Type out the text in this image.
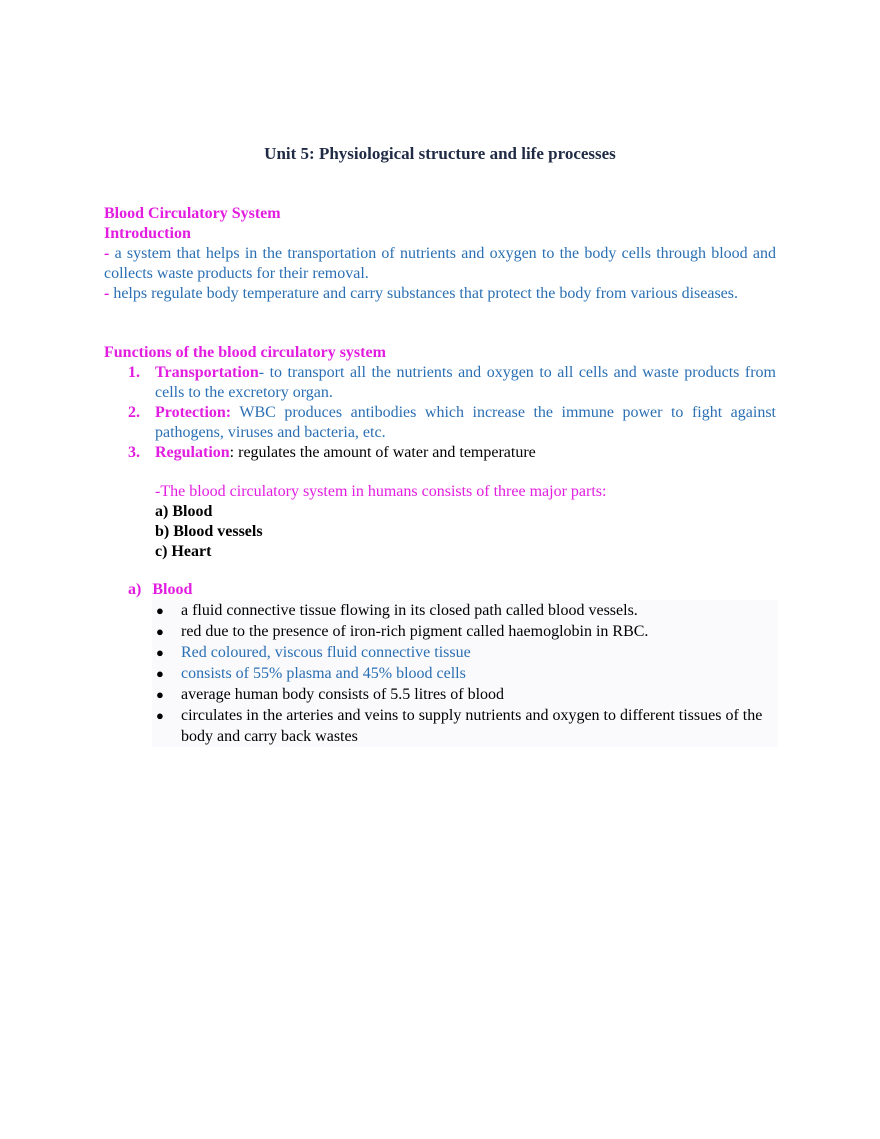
Unit 5: Physiological structure and life processes
Blood Circulatory System
Introduction
- a system that helps in the transportation of nutrients and oxygen to the body cells through blood and collects waste products for their removal.
- helps regulate body temperature and carry substances that protect the body from various diseases.
Functions of the blood circulatory system
1. Transportation- to transport all the nutrients and oxygen to all cells and waste products from cells to the excretory organ.
2. Protection: WBC produces antibodies which increase the immune power to fight against pathogens, viruses and bacteria, etc.
3. Regulation: regulates the amount of water and temperature
-The blood circulatory system in humans consists of three major parts:
a) Blood
b) Blood vessels
c) Heart
a) Blood
● a fluid connective tissue flowing in its closed path called blood vessels.
● red due to the presence of iron-rich pigment called haemoglobin in RBC.
● Red coloured, viscous fluid connective tissue
● consists of 55% plasma and 45% blood cells
● average human body consists of 5.5 litres of blood
● circulates in the arteries and veins to supply nutrients and oxygen to different tissues of the body and carry back wastes
